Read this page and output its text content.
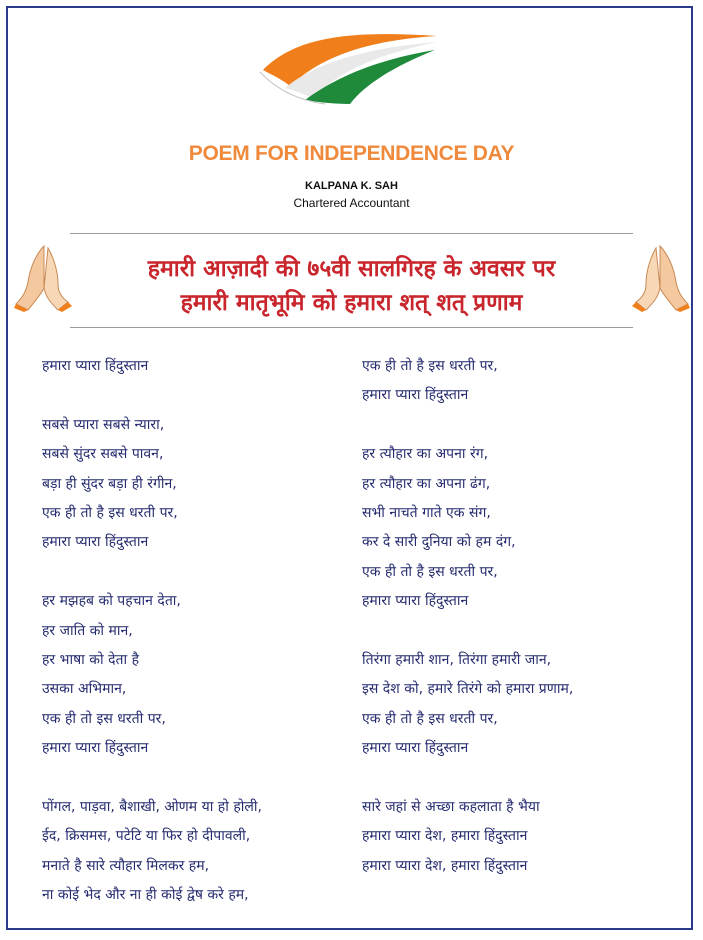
POEM FOR INDEPENDENCE DAY
KALPANA K. SAH
Chartered Accountant
हमारी आज़ादी की ७५वी सालगिरह के अवसर पर
हमारी मातृभूमि को हमारा शत् शत् प्रणाम
हमारा प्यारा हिंदुस्तान
सबसे प्यारा सबसे न्यारा,
सबसे सुंदर सबसे पावन,
बड़ा ही सुंदर बड़ा ही रंगीन,
एक ही तो है इस धरती पर,
हमारा प्यारा हिंदुस्तान
हर मझहब को पहचान देता,
हर जाति को मान,
हर भाषा को देता है
उसका अभिमान,
एक ही तो इस धरती पर,
हमारा प्यारा हिंदुस्तान
पोंगल, पाड़वा, बैशाखी, ओणम या हो होली,
ईद, क्रिसमस, पटेटि या फिर हो दीपावली,
मनाते है सारे त्यौहार मिलकर हम,
ना कोई भेद और ना ही कोई द्वेष करे हम,
एक ही तो है इस धरती पर,
हमारा प्यारा हिंदुस्तान
हर त्यौहार का अपना रंग,
हर त्यौहार का अपना ढंग,
सभी नाचते गाते एक संग,
कर दे सारी दुनिया को हम दंग,
एक ही तो है इस धरती पर,
हमारा प्यारा हिंदुस्तान
तिरंगा हमारी शान, तिरंगा हमारी जान,
इस देश को, हमारे तिरंगे को हमारा प्रणाम,
एक ही तो है इस धरती पर,
हमारा प्यारा हिंदुस्तान
सारे जहां से अच्छा कहलाता है भैया
हमारा प्यारा देश, हमारा हिंदुस्तान
हमारा प्यारा देश, हमारा हिंदुस्तान
